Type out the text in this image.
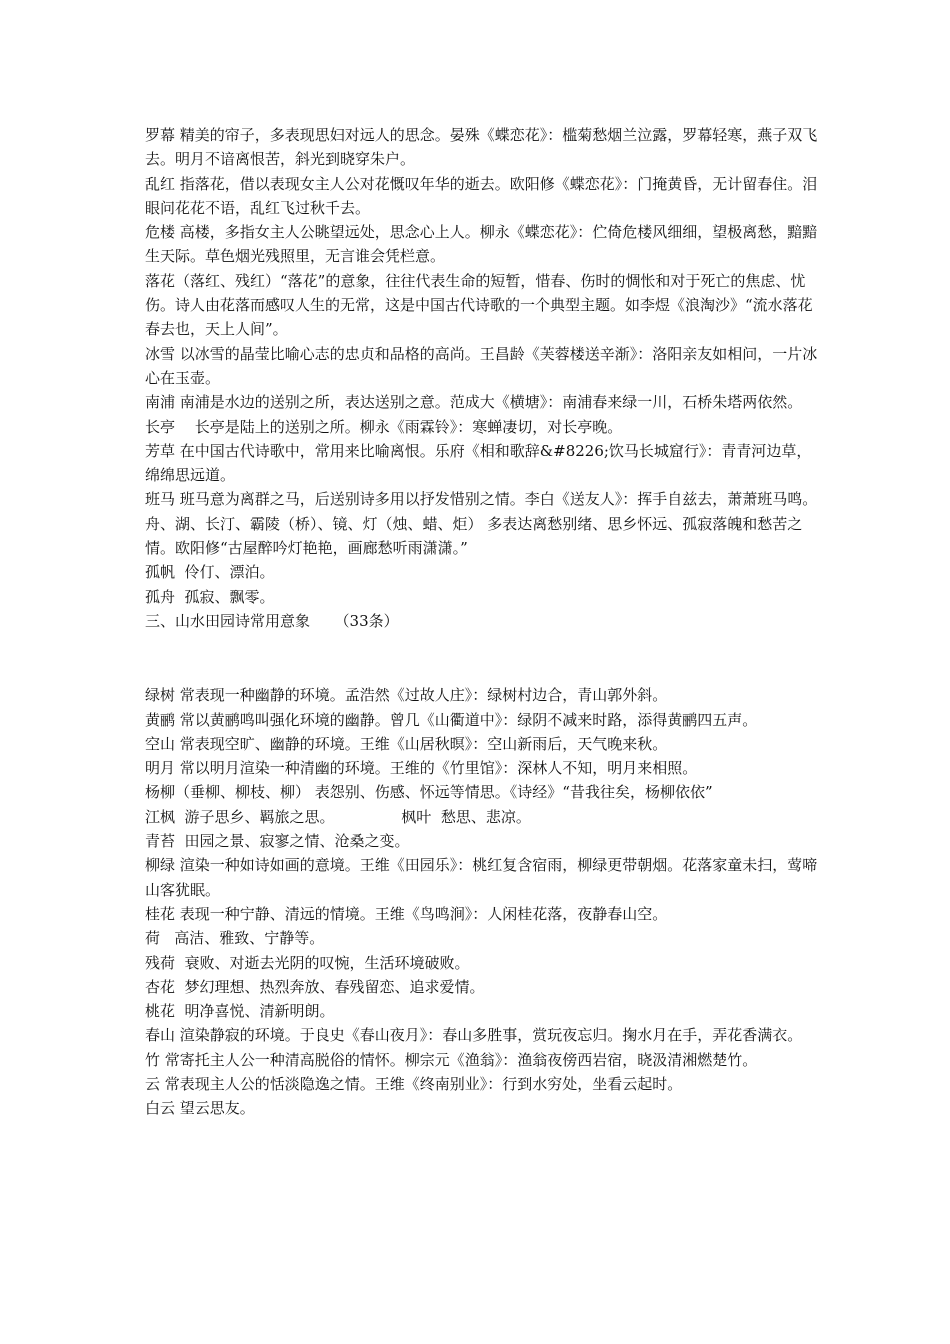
罗幕 精美的帘子，多表现思妇对远人的思念。晏殊《蝶恋花》：槛菊愁烟兰泣露，罗幕轻寒，燕子双飞去。明月不谙离恨苦，斜光到晓穿朱户。

乱红 指落花，借以表现女主人公对花慨叹年华的逝去。欧阳修《蝶恋花》：门掩黄昏，无计留春住。泪眼问花花不语，乱红飞过秋千去。

危楼 高楼，多指女主人公眺望远处，思念心上人。柳永《蝶恋花》：伫倚危楼风细细，望极离愁，黯黯生天际。草色烟光残照里，无言谁会凭栏意。

落花（落红、残红）“落花”的意象，往往代表生命的短暂，惜春、伤时的惆怅和对于死亡的焦虑、忧伤。诗人由花落而感叹人生的无常，这是中国古代诗歌的一个典型主题。如李煜《浪淘沙》“流水落花春去也，天上人间”。

冰雪 以冰雪的晶莹比喻心志的忠贞和品格的高尚。王昌龄《芙蓉楼送辛渐》：洛阳亲友如相问，一片冰心在玉壶。

南浦 南浦是水边的送别之所，表达送别之意。范成大《横塘》：南浦春来绿一川，石桥朱塔两依然。

长亭　 长亭是陆上的送别之所。柳永《雨霖铃》：寒蝉凄切，对长亭晚。

芳草 在中国古代诗歌中，常用来比喻离恨。乐府《相和歌辞&#8226;饮马长城窟行》：青青河边草，绵绵思远道。

班马 班马意为离群之马，后送别诗多用以抒发惜别之情。李白《送友人》：挥手自兹去，萧萧班马鸣。

舟、湖、长汀、霸陵（桥）、镜、灯（烛、蜡、炬） 多表达离愁别绪、思乡怀远、孤寂落魄和愁苦之情。欧阳修“古屋醉吟灯艳艳，画廊愁听雨潇潇。”

孤帆  伶仃、漂泊。

孤舟  孤寂、飘零。

三、山水田园诗常用意象　  （33条）

绿树 常表现一种幽静的环境。孟浩然《过故人庄》：绿树村边合，青山郭外斜。

黄鹂 常以黄鹂鸣叫强化环境的幽静。曾几《山衢道中》：绿阴不减来时路，添得黄鹂四五声。

空山 常表现空旷、幽静的环境。王维《山居秋暝》：空山新雨后，天气晚来秋。

明月 常以明月渲染一种清幽的环境。王维的《竹里馆》：深林人不知，明月来相照。

杨柳（垂柳、柳枝、柳） 表怨别、伤感、怀远等情思。《诗经》“昔我往矣，杨柳依依”

江枫  游子思乡、羁旅之思。              枫叶  愁思、悲凉。

青苔  田园之景、寂寥之情、沧桑之变。

柳绿 渲染一种如诗如画的意境。王维《田园乐》：桃红复含宿雨，柳绿更带朝烟。花落家童未扫，莺啼山客犹眠。

桂花 表现一种宁静、清远的情境。王维《鸟鸣涧》：人闲桂花落，夜静春山空。

荷   高洁、雅致、宁静等。

残荷  衰败、对逝去光阴的叹惋，生活环境破败。

杏花  梦幻理想、热烈奔放、春残留恋、追求爱情。

桃花  明净喜悦、清新明朗。

春山 渲染静寂的环境。于良史《春山夜月》：春山多胜事，赏玩夜忘归。掬水月在手，弄花香满衣。

竹 常寄托主人公一种清高脱俗的情怀。柳宗元《渔翁》：渔翁夜傍西岩宿，晓汲清湘燃楚竹。

云 常表现主人公的恬淡隐逸之情。王维《终南别业》：行到水穷处，坐看云起时。

白云 望云思友。
